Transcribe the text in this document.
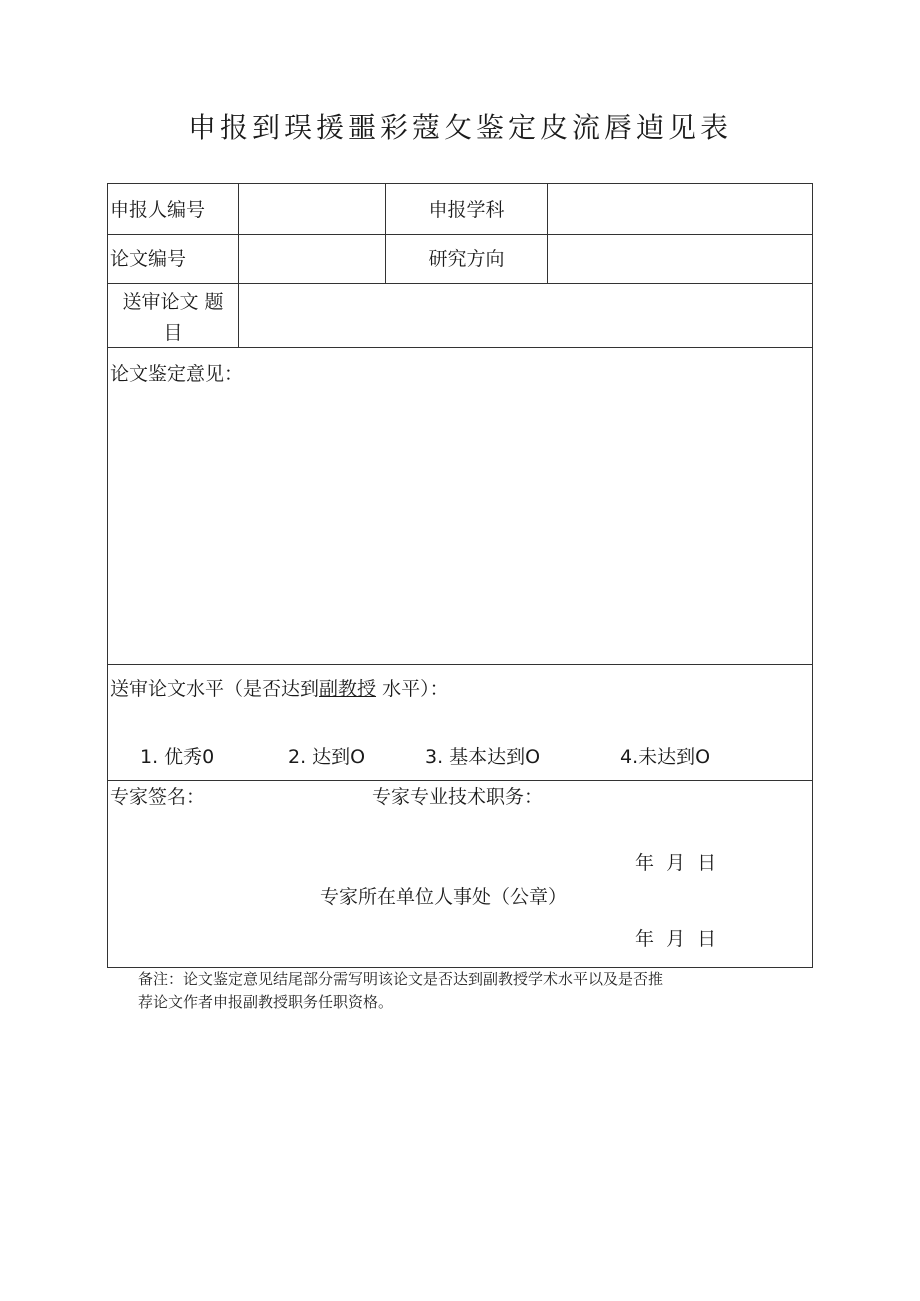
申报到㻍援噩彩蔻攵鉴定皮流唇逌见表
申报人编号	申报学科
论文编号	研究方向
送审论文 题
目
论文鉴定意见：
送审论文水平（是否达到副教授 水平）：
1. 优秀0	2. 达到O	3. 基本达到O	4.未达到O
专家签名：	专家专业技术职务：
年  月  日
专家所在单位人事处（公章）
年  月  日
备注：论文鉴定意见结尾部分需写明该论文是否达到副教授学术水平以及是否推
荐论文作者申报副教授职务任职资格。
